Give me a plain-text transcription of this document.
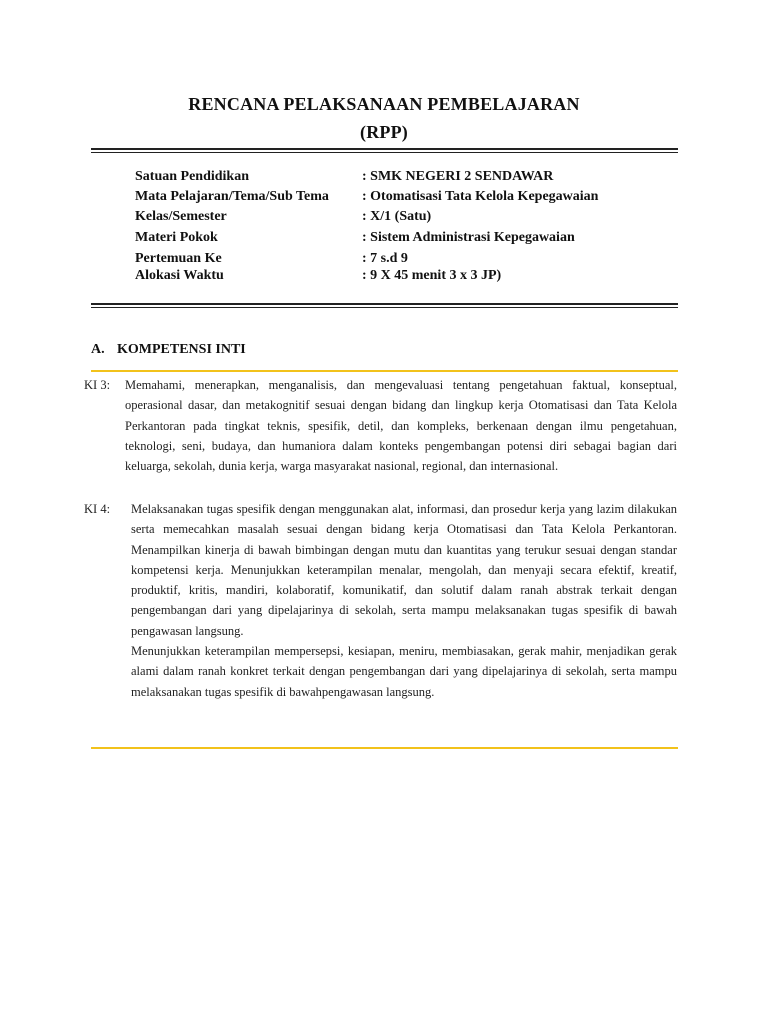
RENCANA PELAKSANAAN PEMBELAJARAN
(RPP)
Satuan Pendidikan	: SMK NEGERI 2 SENDAWAR
Mata Pelajaran/Tema/Sub Tema : Otomatisasi Tata Kelola Kepegawaian
Kelas/Semester	: X/1 (Satu)
Materi Pokok	: Sistem Administrasi Kepegawaian
Pertemuan Ke	: 7 s.d 9
Alokasi Waktu	: 9 X 45 menit 3 x 3 JP)
A. KOMPETENSI INTI
KI 3: Memahami, menerapkan, menganalisis, dan mengevaluasi tentang pengetahuan faktual, konseptual, operasional dasar, dan metakognitif sesuai dengan bidang dan lingkup kerja Otomatisasi dan Tata Kelola Perkantoran pada tingkat teknis, spesifik, detil, dan kompleks, berkenaan dengan ilmu pengetahuan, teknologi, seni, budaya, dan humaniora dalam konteks pengembangan potensi diri sebagai bagian dari keluarga, sekolah, dunia kerja, warga masyarakat nasional, regional, dan internasional.
KI 4: Melaksanakan tugas spesifik dengan menggunakan alat, informasi, dan prosedur kerja yang lazim dilakukan serta memecahkan masalah sesuai dengan bidang kerja Otomatisasi dan Tata Kelola Perkantoran. Menampilkan kinerja di bawah bimbingan dengan mutu dan kuantitas yang terukur sesuai dengan standar kompetensi kerja. Menunjukkan keterampilan menalar, mengolah, dan menyaji secara efektif, kreatif, produktif, kritis, mandiri, kolaboratif, komunikatif, dan solutif dalam ranah abstrak terkait dengan pengembangan dari yang dipelajarinya di sekolah, serta mampu melaksanakan tugas spesifik di bawah pengawasan langsung.
Menunjukkan keterampilan mempersepsi, kesiapan, meniru, membiasakan, gerak mahir, menjadikan gerak alami dalam ranah konkret terkait dengan pengembangan dari yang dipelajarinya di sekolah, serta mampu melaksanakan tugas spesifik di bawahpengawasan langsung.
